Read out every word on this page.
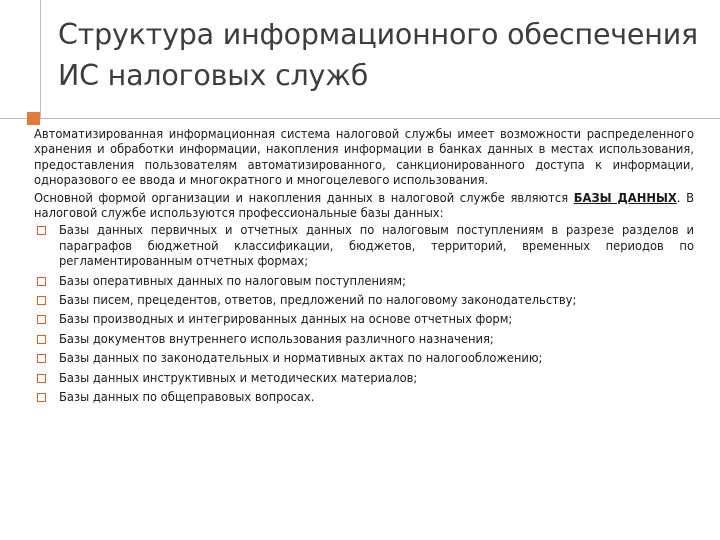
Структура информационного обеспечения ИС налоговых служб

Автоматизированная информационная система налоговой службы имеет возможности распределенного хранения и обработки информации, накопления информации в банках данных в местах использования, предоставления пользователям автоматизированного, санкционированного доступа к информации, одноразового ее ввода и многократного и многоцелевого использования.

Основной формой организации и накопления данных в налоговой службе являются БАЗЫ ДАННЫХ. В налоговой службе используются профессиональные базы данных:

Базы данных первичных и отчетных данных по налоговым поступлениям в разрезе разделов и параграфов бюджетной классификации, бюджетов, территорий, временных периодов по регламентированным отчетных формах;
Базы оперативных данных по налоговым поступлениям;
Базы писем, прецедентов, ответов, предложений по налоговому законодательству;
Базы производных и интегрированных данных на основе отчетных форм;
Базы документов внутреннего использования различного назначения;
Базы данных по законодательных и нормативных актах по налогообложению;
Базы данных инструктивных и методических материалов;
Базы данных по общеправовых вопросах.
